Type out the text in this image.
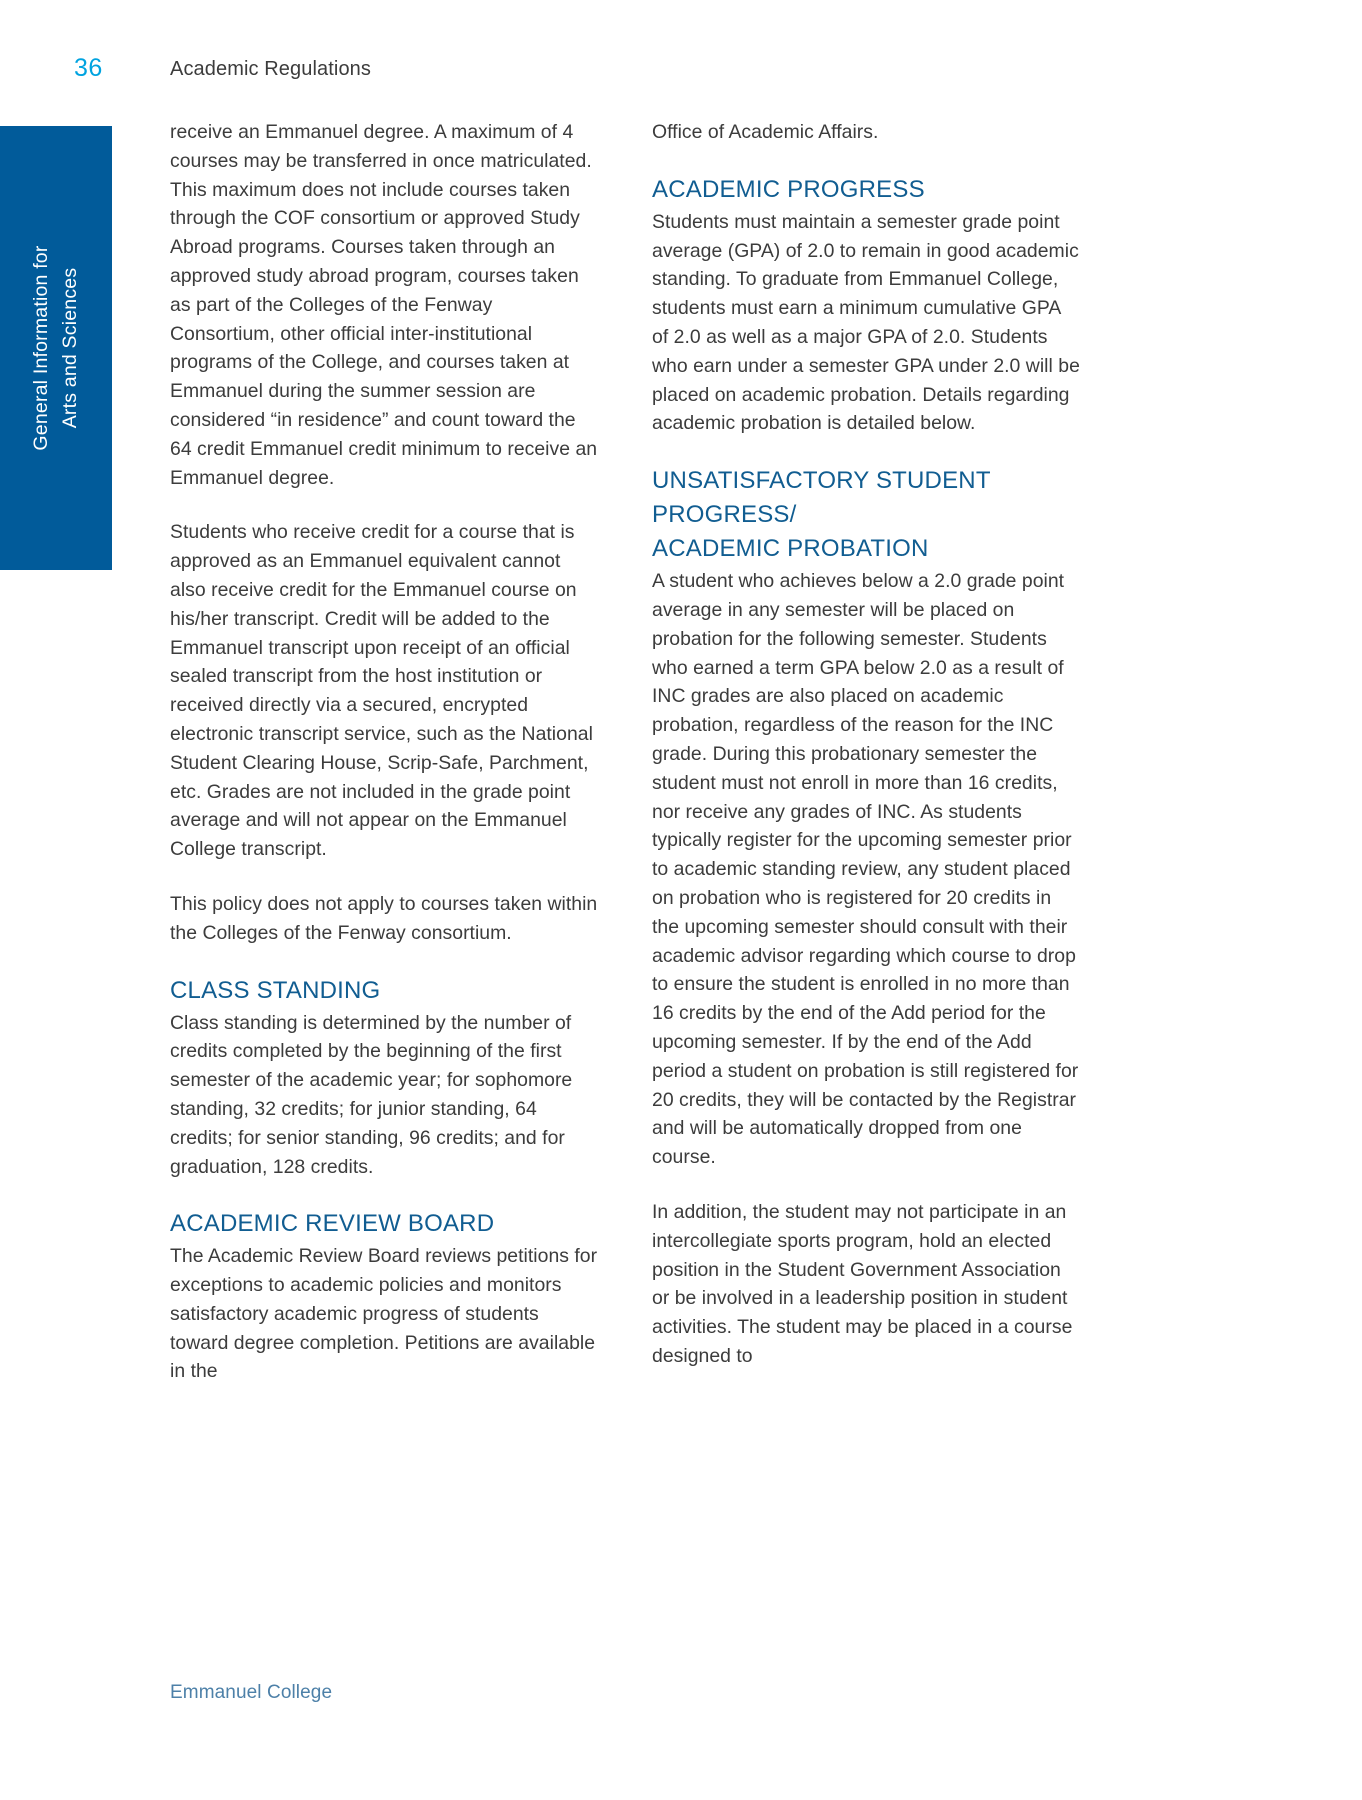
36	Academic Regulations
General Information for Arts and Sciences

receive an Emmanuel degree. A maximum of 4 courses may be transferred in once matriculated. This maximum does not include courses taken through the COF consortium or approved Study Abroad programs. Courses taken through an approved study abroad program, courses taken as part of the Colleges of the Fenway Consortium, other official inter-institutional programs of the College, and courses taken at Emmanuel during the summer session are considered “in residence” and count toward the 64 credit Emmanuel credit minimum to receive an Emmanuel degree.

Students who receive credit for a course that is approved as an Emmanuel equivalent cannot also receive credit for the Emmanuel course on his/her transcript. Credit will be added to the Emmanuel transcript upon receipt of an official sealed transcript from the host institution or received directly via a secured, encrypted electronic transcript service, such as the National Student Clearing House, Scrip-Safe, Parchment, etc. Grades are not included in the grade point average and will not appear on the Emmanuel College transcript.

This policy does not apply to courses taken within the Colleges of the Fenway consortium.

CLASS STANDING

Class standing is determined by the number of credits completed by the beginning of the first semester of the academic year; for sophomore standing, 32 credits; for junior standing, 64 credits; for senior standing, 96 credits; and for graduation, 128 credits.

ACADEMIC REVIEW BOARD

The Academic Review Board reviews petitions for exceptions to academic policies and monitors satisfactory academic progress of students toward degree completion. Petitions are available in the

Office of Academic Affairs.

ACADEMIC PROGRESS

Students must maintain a semester grade point average (GPA) of 2.0 to remain in good academic standing. To graduate from Emmanuel College, students must earn a minimum cumulative GPA of 2.0 as well as a major GPA of 2.0. Students who earn under a semester GPA under 2.0 will be placed on academic probation. Details regarding academic probation is detailed below.

UNSATISFACTORY STUDENT
PROGRESS/
ACADEMIC PROBATION

A student who achieves below a 2.0 grade point average in any semester will be placed on probation for the following semester. Students who earned a term GPA below 2.0 as a result of INC grades are also placed on academic probation, regardless of the reason for the INC grade. During this probationary semester the student must not enroll in more than 16 credits, nor receive any grades of INC. As students typically register for the upcoming semester prior to academic standing review, any student placed on probation who is registered for 20 credits in the upcoming semester should consult with their academic advisor regarding which course to drop to ensure the student is enrolled in no more than 16 credits by the end of the Add period for the upcoming semester. If by the end of the Add period a student on probation is still registered for 20 credits, they will be contacted by the Registrar and will be automatically dropped from one course.

In addition, the student may not participate in an intercollegiate sports program, hold an elected position in the Student Government Association or be involved in a leadership position in student activities. The student may be placed in a course designed to

Emmanuel College
